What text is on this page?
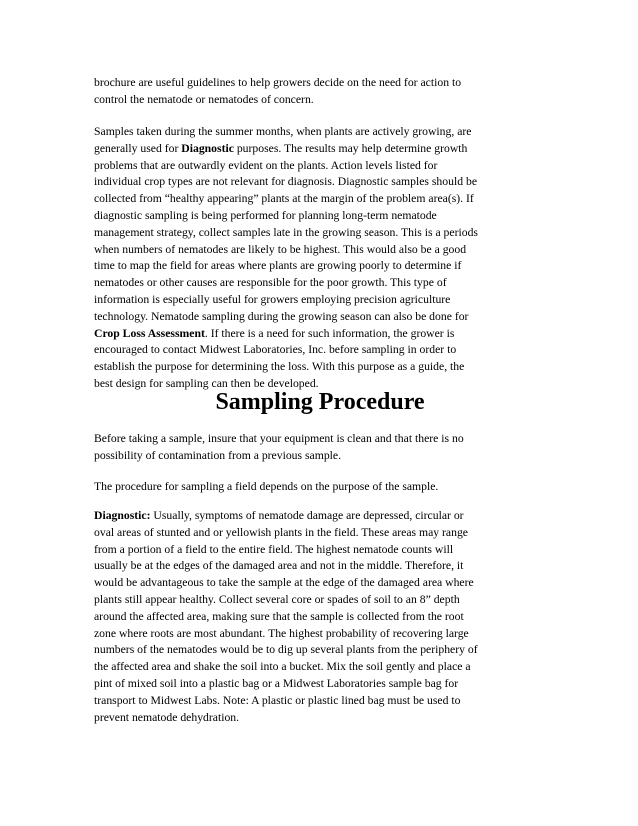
brochure are useful guidelines to help growers decide on the need for action to
control the nematode or nematodes of concern.

Samples taken during the summer months, when plants are actively growing, are
generally used for Diagnostic purposes. The results may help determine growth
problems that are outwardly evident on the plants. Action levels listed for
individual crop types are not relevant for diagnosis. Diagnostic samples should be
collected from “healthy appearing” plants at the margin of the problem area(s). If
diagnostic sampling is being performed for planning long-term nematode
management strategy, collect samples late in the growing season. This is a periods
when numbers of nematodes are likely to be highest. This would also be a good
time to map the field for areas where plants are growing poorly to determine if
nematodes or other causes are responsible for the poor growth. This type of
information is especially useful for growers employing precision agriculture
technology. Nematode sampling during the growing season can also be done for
Crop Loss Assessment. If there is a need for such information, the grower is
encouraged to contact Midwest Laboratories, Inc. before sampling in order to
establish the purpose for determining the loss. With this purpose as a guide, the
best design for sampling can then be developed.

Sampling Procedure

Before taking a sample, insure that your equipment is clean and that there is no
possibility of contamination from a previous sample.

The procedure for sampling a field depends on the purpose of the sample.

Diagnostic: Usually, symptoms of nematode damage are depressed, circular or
oval areas of stunted and or yellowish plants in the field. These areas may range
from a portion of a field to the entire field. The highest nematode counts will
usually be at the edges of the damaged area and not in the middle. Therefore, it
would be advantageous to take the sample at the edge of the damaged area where
plants still appear healthy. Collect several core or spades of soil to an 8” depth
around the affected area, making sure that the sample is collected from the root
zone where roots are most abundant. The highest probability of recovering large
numbers of the nematodes would be to dig up several plants from the periphery of
the affected area and shake the soil into a bucket. Mix the soil gently and place a
pint of mixed soil into a plastic bag or a Midwest Laboratories sample bag for
transport to Midwest Labs. Note: A plastic or plastic lined bag must be used to
prevent nematode dehydration.
